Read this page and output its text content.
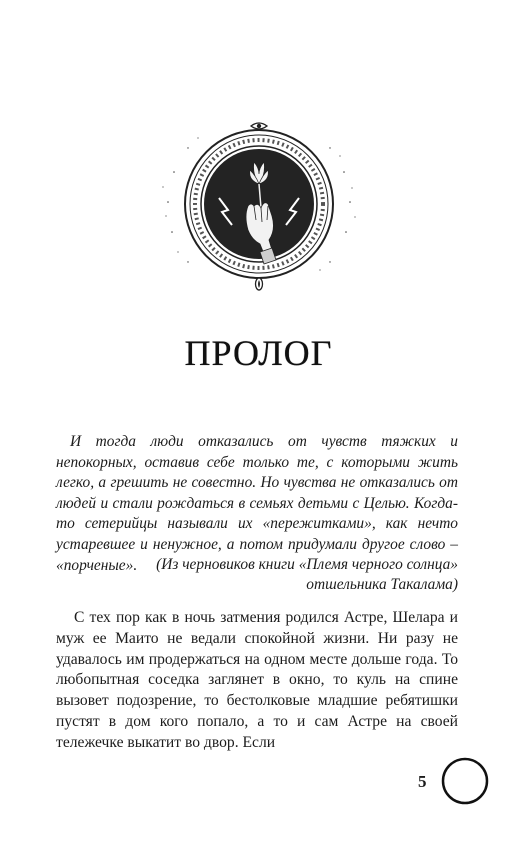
ПРОЛОГ

И тогда люди отказались от чувств тяжких и непокорных, оставив себе только те, с которыми жить легко, а грешить не совестно. Но чувства не отказались от людей и стали рождаться в семьях детьми с Целью. Когда-то сетерийцы называли их «пережитками», как нечто устаревшее и ненужное, а потом придумали другое слово – «порченые».	(Из черновиков книги «Племя черного солнца»

отшельника Такалама)

С тех пор как в ночь затмения родился Астре, Шелара и муж ее Маито не ведали спокойной жизни. Ни разу не удавалось им продержаться на одном месте дольше года. То любопытная соседка заглянет в окно, то куль на спине вызовет подозрение, то бестолковые младшие ребятишки пустят в дом кого попало, а то и сам Астре на своей тележечке выкатит во двор. Если

5
